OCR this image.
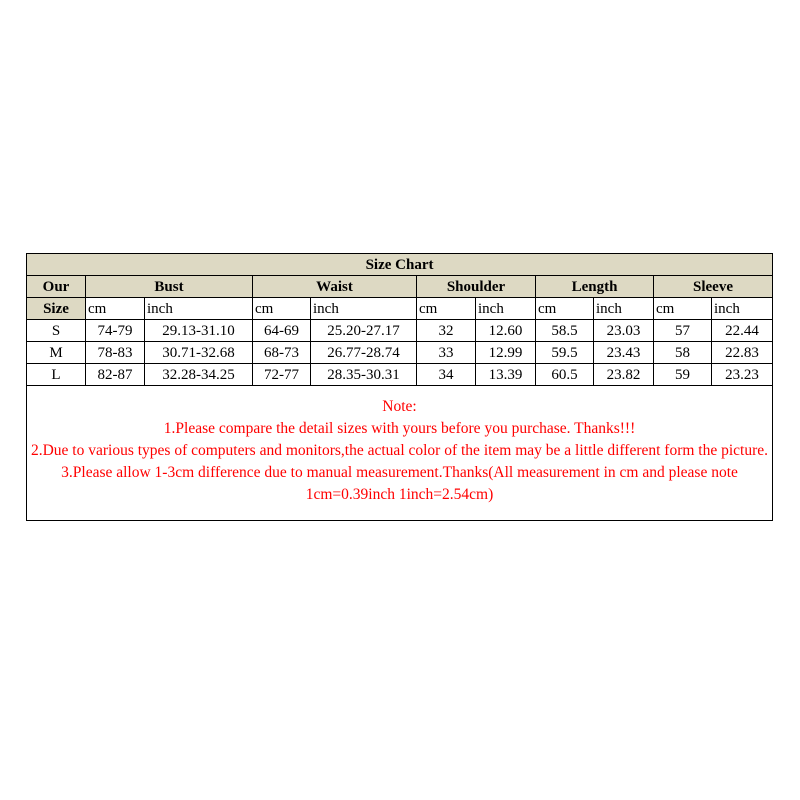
Size Chart										
Our	Bust		Waist		Shoulder		Length		Sleeve	
Size	cm	inch	cm	inch	cm	inch	cm	inch	cm	inch
S	74-79	29.13-31.10	64-69	25.20-27.17	32	12.60	58.5	23.03	57	22.44
M	78-83	30.71-32.68	68-73	26.77-28.74	33	12.99	59.5	23.43	58	22.83
L	82-87	32.28-34.25	72-77	28.35-30.31	34	13.39	60.5	23.82	59	23.23

Note:
1.Please compare the detail sizes with yours before you purchase. Thanks!!!
2.Due to various types of computers and monitors,the actual color of the item may be a little different form the picture.
3.Please allow 1-3cm difference due to manual measurement.Thanks(All measurement in cm and please note 1cm=0.39inch 1inch=2.54cm)										
